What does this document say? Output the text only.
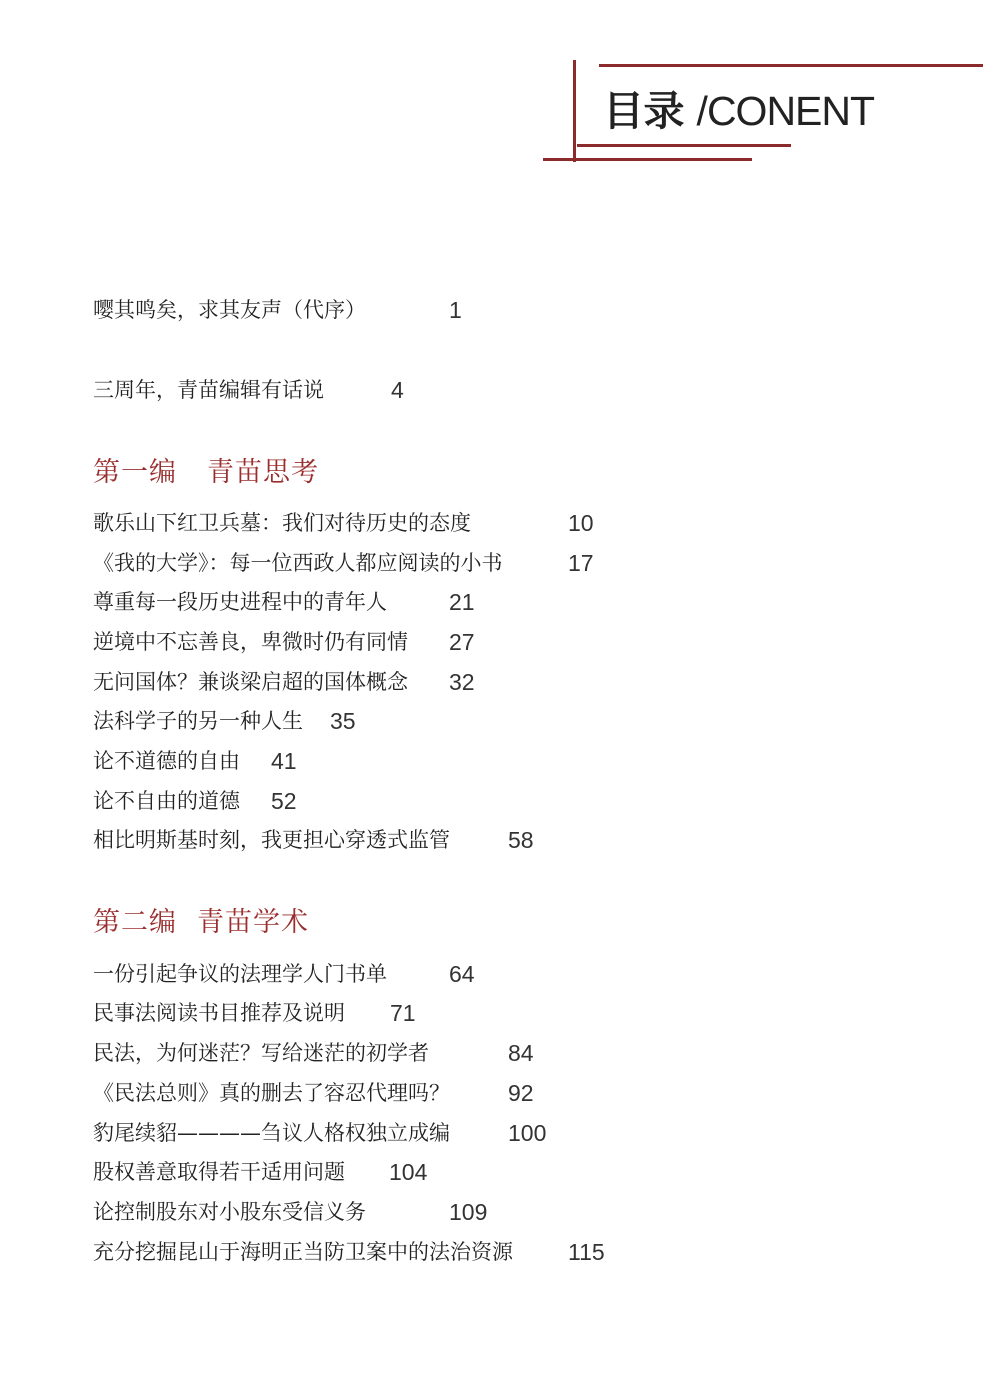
目录 /CONENT
嘤其鸣矣，求其友声（代序）	1
三周年，青苗编辑有话说	4
第一编 青苗思考
歌乐山下红卫兵墓：我们对待历史的态度	10
《我的大学》：每一位西政人都应阅读的小书	17
尊重每一段历史进程中的青年人	21
逆境中不忘善良，卑微时仍有同情 27
无问国体？兼谈梁启超的国体概念 32
法科学子的另一种人生 35
论不道德的自由 41
论不自由的道德 52
相比明斯基时刻，我更担心穿透式监管	58
第二编 青苗学术
一份引起争议的法理学人门书单	64
民事法阅读书目推荐及说明 71
民法，为何迷茫？写给迷茫的初学者	84
《民法总则》真的删去了容忍代理吗？	92
豹尾续貂————刍议人格权独立成编	100
股权善意取得若干适用问题 104
论控制股东对小股东受信义务	109
充分挖掘昆山于海明正当防卫案中的法治资源 115
